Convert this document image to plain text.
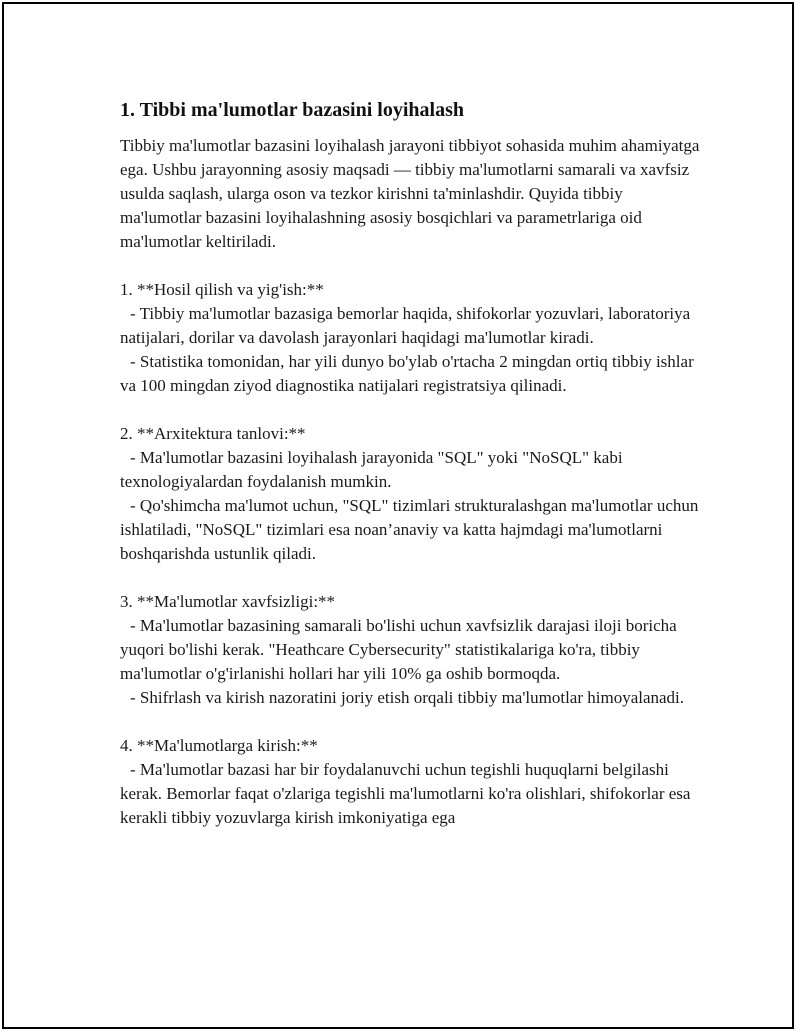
1. Tibbi ma'lumotlar bazasini loyihalash

Tibbiy ma'lumotlar bazasini loyihalash jarayoni tibbiyot sohasida muhim ahamiyatga ega. Ushbu jarayonning asosiy maqsadi — tibbiy ma'lumotlarni samarali va xavfsiz usulda saqlash, ularga oson va tezkor kirishni ta'minlashdir. Quyida tibbiy ma'lumotlar bazasini loyihalashning asosiy bosqichlari va parametrlariga oid ma'lumotlar keltiriladi.

1. **Hosil qilish va yig'ish:**

- Tibbiy ma'lumotlar bazasiga bemorlar haqida, shifokorlar yozuvlari, laboratoriya natijalari, dorilar va davolash jarayonlari haqidagi ma'lumotlar kiradi.

- Statistika tomonidan, har yili dunyo bo'ylab o'rtacha 2 mingdan ortiq tibbiy ishlar va 100 mingdan ziyod diagnostika natijalari registratsiya qilinadi.

2. **Arxitektura tanlovi:**

- Ma'lumotlar bazasini loyihalash jarayonida "SQL" yoki "NoSQL" kabi texnologiyalardan foydalanish mumkin.

- Qo'shimcha ma'lumot uchun, "SQL" tizimlari strukturalashgan ma'lumotlar uchun ishlatiladi, "NoSQL" tizimlari esa noan’anaviy va katta hajmdagi ma'lumotlarni boshqarishda ustunlik qiladi.

3. **Ma'lumotlar xavfsizligi:**

- Ma'lumotlar bazasining samarali bo'lishi uchun xavfsizlik darajasi iloji boricha yuqori bo'lishi kerak. "Heathcare Cybersecurity" statistikalariga ko'ra, tibbiy ma'lumotlar o'g'irlanishi hollari har yili 10% ga oshib bormoqda.

- Shifrlash va kirish nazoratini joriy etish orqali tibbiy ma'lumotlar himoyalanadi.

4. **Ma'lumotlarga kirish:**

- Ma'lumotlar bazasi har bir foydalanuvchi uchun tegishli huquqlarni belgilashi kerak. Bemorlar faqat o'zlariga tegishli ma'lumotlarni ko'ra olishlari, shifokorlar esa kerakli tibbiy yozuvlarga kirish imkoniyatiga ega
